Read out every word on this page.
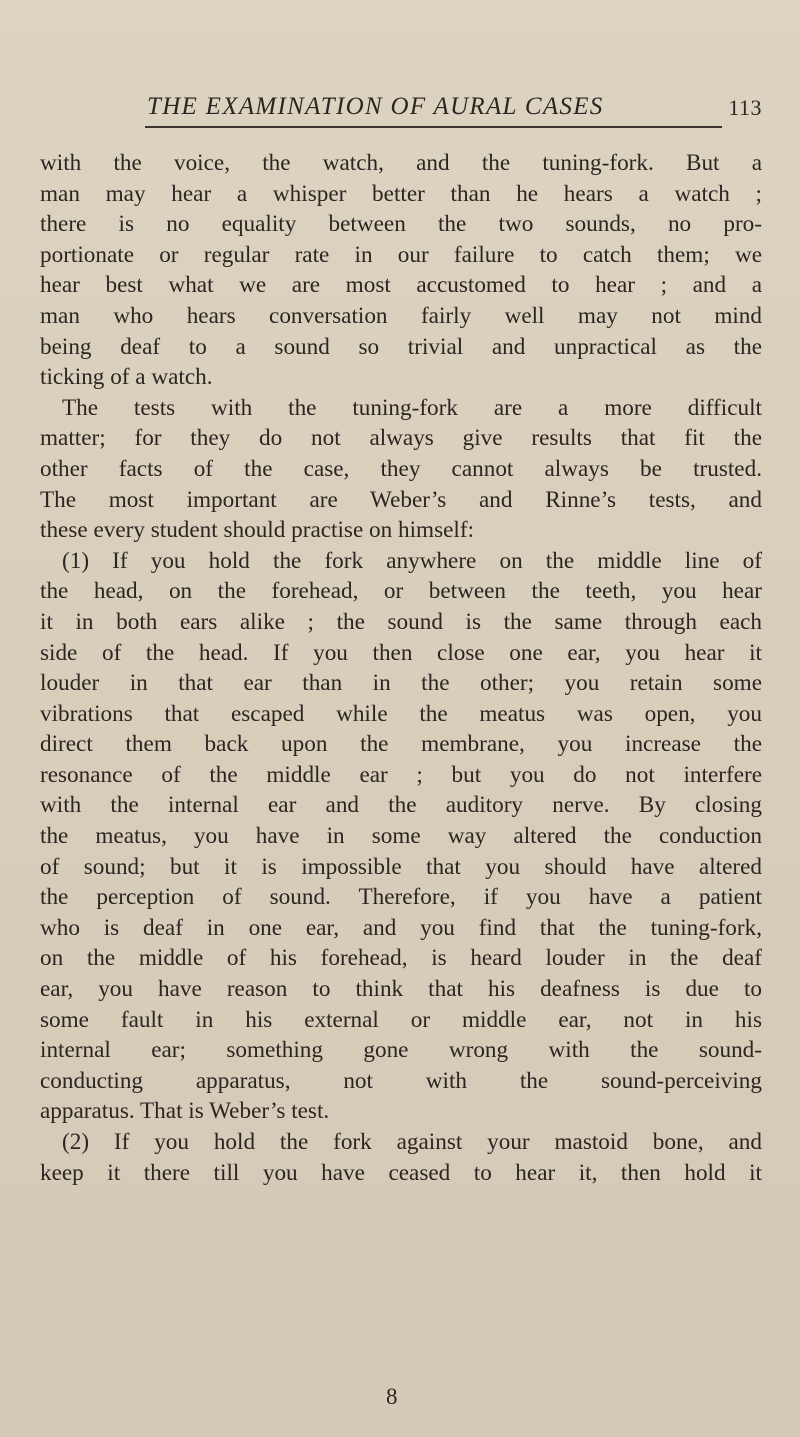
THE EXAMINATION OF AURAL CASES	113
with the voice, the watch, and the tuning-fork. But a
man may hear a whisper better than he hears a watch ;
there is no equality between the two sounds, no pro-
portionate or regular rate in our failure to catch them; we
hear best what we are most accustomed to hear ; and a
man who hears conversation fairly well may not mind
being deaf to a sound so trivial and unpractical as the
ticking of a watch.
The tests with the tuning-fork are a more difficult
matter; for they do not always give results that fit the
other facts of the case, they cannot always be trusted.
The most important are Weber’s and Rinne’s tests, and
these every student should practise on himself:
(1) If you hold the fork anywhere on the middle line of
the head, on the forehead, or between the teeth, you hear
it in both ears alike ; the sound is the same through each
side of the head. If you then close one ear, you hear it
louder in that ear than in the other; you retain some
vibrations that escaped while the meatus was open, you
direct them back upon the membrane, you increase the
resonance of the middle ear ; but you do not interfere
with the internal ear and the auditory nerve. By closing
the meatus, you have in some way altered the conduction
of sound; but it is impossible that you should have altered
the perception of sound. Therefore, if you have a patient
who is deaf in one ear, and you find that the tuning-fork,
on the middle of his forehead, is heard louder in the deaf
ear, you have reason to think that his deafness is due to
some fault in his external or middle ear, not in his
internal ear; something gone wrong with the sound-
conducting apparatus, not with the sound-perceiving
apparatus. That is Weber’s test.
(2) If you hold the fork against your mastoid bone, and
keep it there till you have ceased to hear it, then hold it
8
